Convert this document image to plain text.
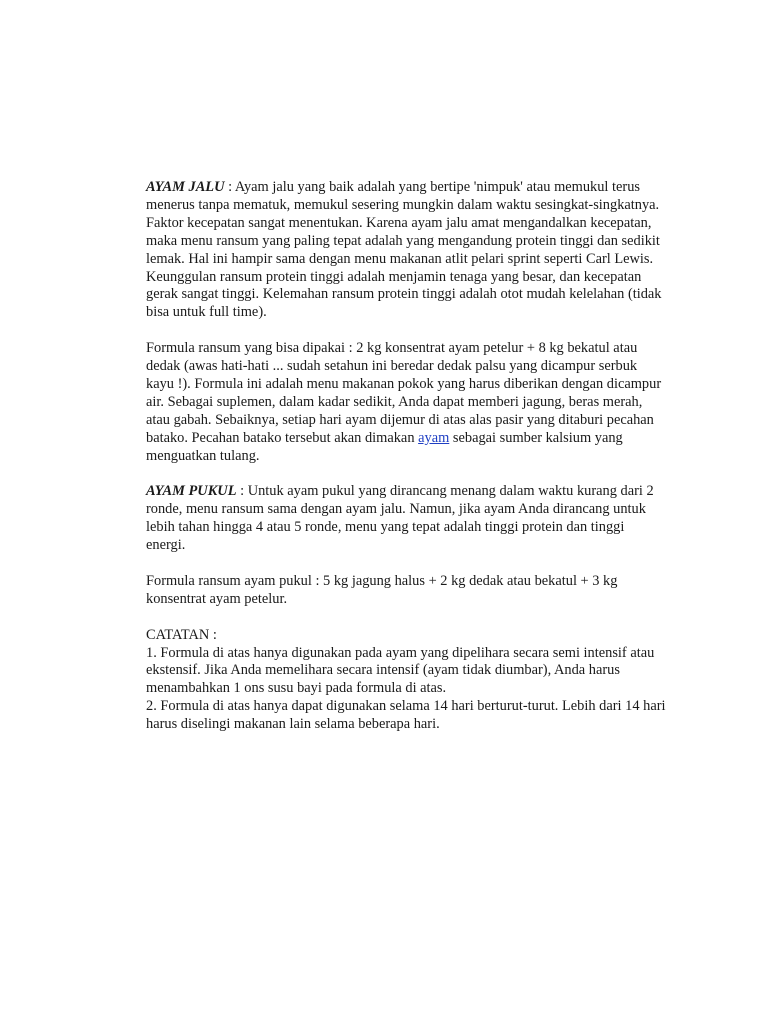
AYAM JALU : Ayam jalu yang baik adalah yang bertipe 'nimpuk' atau memukul terus menerus tanpa mematuk, memukul sesering mungkin dalam waktu sesingkat-singkatnya. Faktor kecepatan sangat menentukan. Karena ayam jalu amat mengandalkan kecepatan, maka menu ransum yang paling tepat adalah yang mengandung protein tinggi dan sedikit lemak. Hal ini hampir sama dengan menu makanan atlit pelari sprint seperti Carl Lewis. Keunggulan ransum protein tinggi adalah menjamin tenaga yang besar, dan kecepatan gerak sangat tinggi. Kelemahan ransum protein tinggi adalah otot mudah kelelahan (tidak bisa untuk full time).

Formula ransum yang bisa dipakai : 2 kg konsentrat ayam petelur + 8 kg bekatul atau dedak (awas hati-hati ... sudah setahun ini beredar dedak palsu yang dicampur serbuk kayu !). Formula ini adalah menu makanan pokok yang harus diberikan dengan dicampur air. Sebagai suplemen, dalam kadar sedikit, Anda dapat memberi jagung, beras merah, atau gabah. Sebaiknya, setiap hari ayam dijemur di atas alas pasir yang ditaburi pecahan batako. Pecahan batako tersebut akan dimakan ayam sebagai sumber kalsium yang menguatkan tulang.

AYAM PUKUL : Untuk ayam pukul yang dirancang menang dalam waktu kurang dari 2 ronde, menu ransum sama dengan ayam jalu. Namun, jika ayam Anda dirancang untuk lebih tahan hingga 4 atau 5 ronde, menu yang tepat adalah tinggi protein dan tinggi energi.

Formula ransum ayam pukul : 5 kg jagung halus + 2 kg dedak atau bekatul + 3 kg konsentrat ayam petelur.

CATATAN :
1. Formula di atas hanya digunakan pada ayam yang dipelihara secara semi intensif atau ekstensif. Jika Anda memelihara secara intensif (ayam tidak diumbar), Anda harus menambahkan 1 ons susu bayi pada formula di atas.
2. Formula di atas hanya dapat digunakan selama 14 hari berturut-turut. Lebih dari 14 hari harus diselingi makanan lain selama beberapa hari.
